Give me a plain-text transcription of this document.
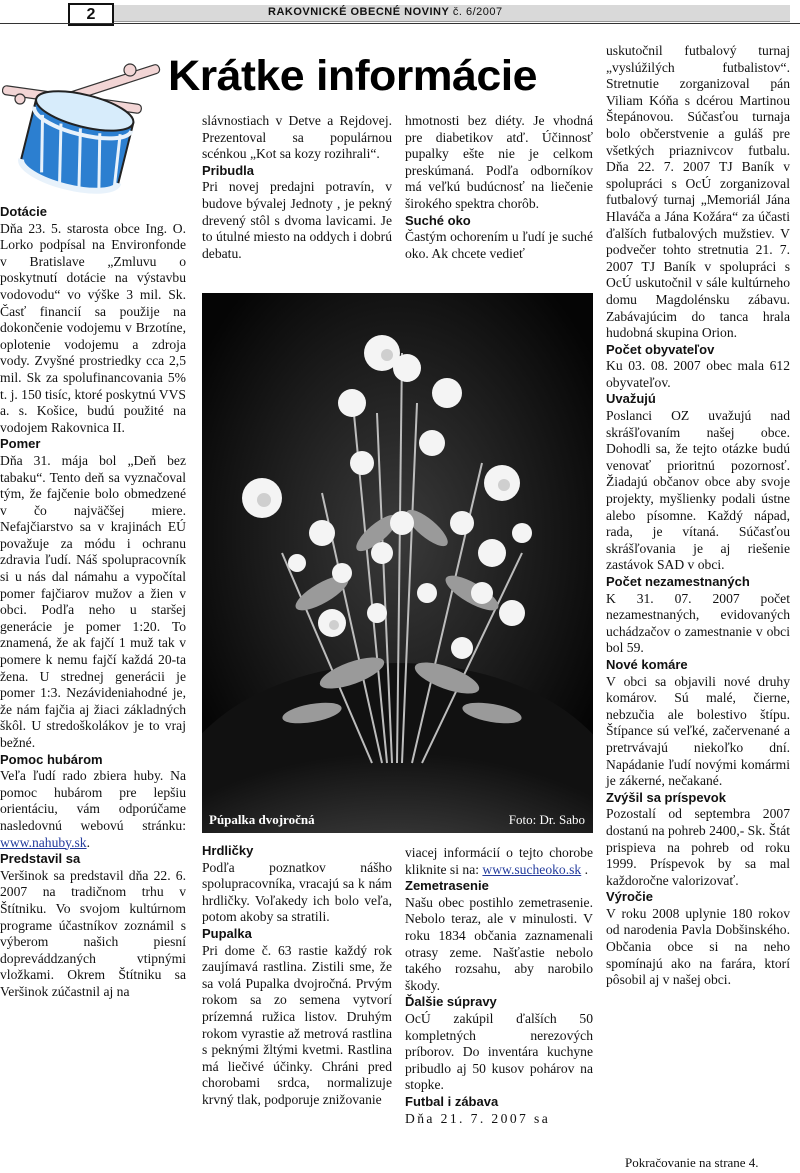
2	RAKOVNICKÉ OBECNÉ NOVINY č. 6/2007
Krátke informácie
Dotácie

Dňa 23. 5. starosta obce Ing. O. Lorko podpísal na Environfonde v Bratislave „Zmluvu o poskytnutí dotácie na výstavbu vodovodu“ vo výške 3 mil. Sk. Časť financií sa použije na dokončenie vodojemu v Brzotíne, oplotenie vodojemu a zdroja vody. Zvyšné prostriedky cca 2,5 mil. Sk za spolufinancovania 5% t. j. 150 tisíc, ktoré poskytnú VVS a. s. Košice, budú použité na vodojem Rakovnica II.

Pomer

Dňa 31. mája bol „Deň bez tabaku“. Tento deň sa vyznačoval tým, že fajčenie bolo obmedzené v čo najväčšej miere. Nefajčiarstvo sa v krajinách EÚ považuje za módu i ochranu zdravia ľudí. Náš spolupracovník si u nás dal námahu a vypočítal pomer fajčiarov mužov a žien v obci. Podľa neho u staršej generácie je pomer 1:20. To znamená, že ak fajčí 1 muž tak v pomere k nemu fajčí každá 20-ta žena. U strednej generácii je pomer 1:3. Nezávideniahodné je, že nám fajčia aj žiaci základných škôl. U stredoškolákov je to vraj bežné.

Pomoc hubárom

Veľa ľudí rado zbiera huby. Na pomoc hubárom pre lepšiu orientáciu, vám odporúčame nasledovnú webovú stránku: www.nahuby.sk.

Predstavil sa

Veršinok sa predstavil dňa 22. 6. 2007 na tradičnom trhu v Štítniku. Vo svojom kultúrnom programe účastníkov zoznámil s výberom našich piesní dopreváddzaných vtipnými vložkami. Okrem Štítniku sa Veršinok zúčastnil aj na

slávnostiach v Detve a Rejdovej. Prezentoval sa populárnou scénkou „Kot sa kozy rozihrali“.

Pribudla

Pri novej predajni potravín, v budove bývalej Jednoty , je pekný drevený stôl s dvoma lavicami. Je to útulné miesto na oddych i dobrú debatu.

hmotnosti bez diéty. Je vhodná pre diabetikov atď. Účinnosť pupalky ešte nie je celkom preskúmaná. Podľa odborníkov má veľkú budúcnosť na liečenie širokého spektra chorôb.

Suché oko

Častým ochorením u ľudí je suché oko. Ak chcete vedieť

Púpalka dvojročná	Foto: Dr. Sabo
Hrdličky

Podľa poznatkov nášho spolupracovníka, vracajú sa k nám hrdličky. Voľakedy ich bolo veľa, potom akoby sa stratili.

Pupalka

Pri dome č. 63 rastie každý rok zaujímavá rastlina. Zistili sme, že sa volá Pupalka dvojročná. Prvým rokom sa zo semena vytvorí prízemná ružica listov. Druhým rokom vyrastie až metrová rastlina s peknými žltými kvetmi. Rastlina má liečivé účinky. Chráni pred chorobami srdca, normalizuje krvný tlak, podporuje znižovanie

viacej informácií o tejto chorobe kliknite si na: www.sucheoko.sk .

Zemetrasenie

Našu obec postihlo zemetrasenie. Nebolo teraz, ale v minulosti. V roku 1834 občania zaznamenali otrasy zeme. Našťastie nebolo takého rozsahu, aby narobilo škody.

Ďalšie súpravy

OcÚ zakúpil ďalších 50 kompletných nerezových príborov. Do inventára kuchyne pribudlo aj 50 kusov pohárov na stopke.

Futbal i zábava

Dňa 21. 7. 2007 sa

uskutočnil futbalový turnaj „vyslúžilých futbalistov“. Stretnutie zorganizoval pán Viliam Kóňa s dcérou Martinou Štepánovou. Súčasťou turnaja bolo občerstvenie a guláš pre všetkých priaznivcov futbalu. Dňa 22. 7. 2007 TJ Baník v spolupráci s OcÚ zorganizoval futbalový turnaj „Memoriál Jána Hlaváča a Jána Kožára“ za účasti ďalších futbalových mužstiev. V podvečer tohto stretnutia 21. 7. 2007 TJ Baník v spolupráci s OcÚ uskutočnil v sále kultúrneho domu Magdolénsku zábavu. Zabávajúcim do tanca hrala hudobná skupina Orion.

Počet obyvateľov

Ku 03. 08. 2007 obec mala 612 obyvateľov.

Uvažujú

Poslanci OZ uvažujú nad skrášľovaním našej obce. Dohodli sa, že tejto otázke budú venovať prioritnú pozornosť. Žiadajú občanov obce aby svoje projekty, myšlienky podali ústne alebo písomne. Každý nápad, rada, je vítaná. Súčasťou skrášľovania je aj riešenie zastávok SAD v obci.

Počet nezamestnaných

K 31. 07. 2007 počet nezamestnaných, evidovaných uchádzačov o zamestnanie v obci bol 59.

Nové komáre

V obci sa objavili nové druhy komárov. Sú malé, čierne, nebzučia ale bolestivo štípu. Štípance sú veľké, začervenané a pretrvávajú niekoľko dní. Napádanie ľudí novými komármi je zákerné, nečakané.

Zvýšil sa príspevok

Pozostalí od septembra 2007 dostanú na pohreb 2400,- Sk. Štát prispieva na pohreb od roku 1999. Príspevok by sa mal každoročne valorizovať.

Výročie

V roku 2008 uplynie 180 rokov od narodenia Pavla Dobšinského. Občania obce si na neho spomínajú ako na farára, ktorí pôsobil aj v našej obci.

Pokračovanie na strane 4.
